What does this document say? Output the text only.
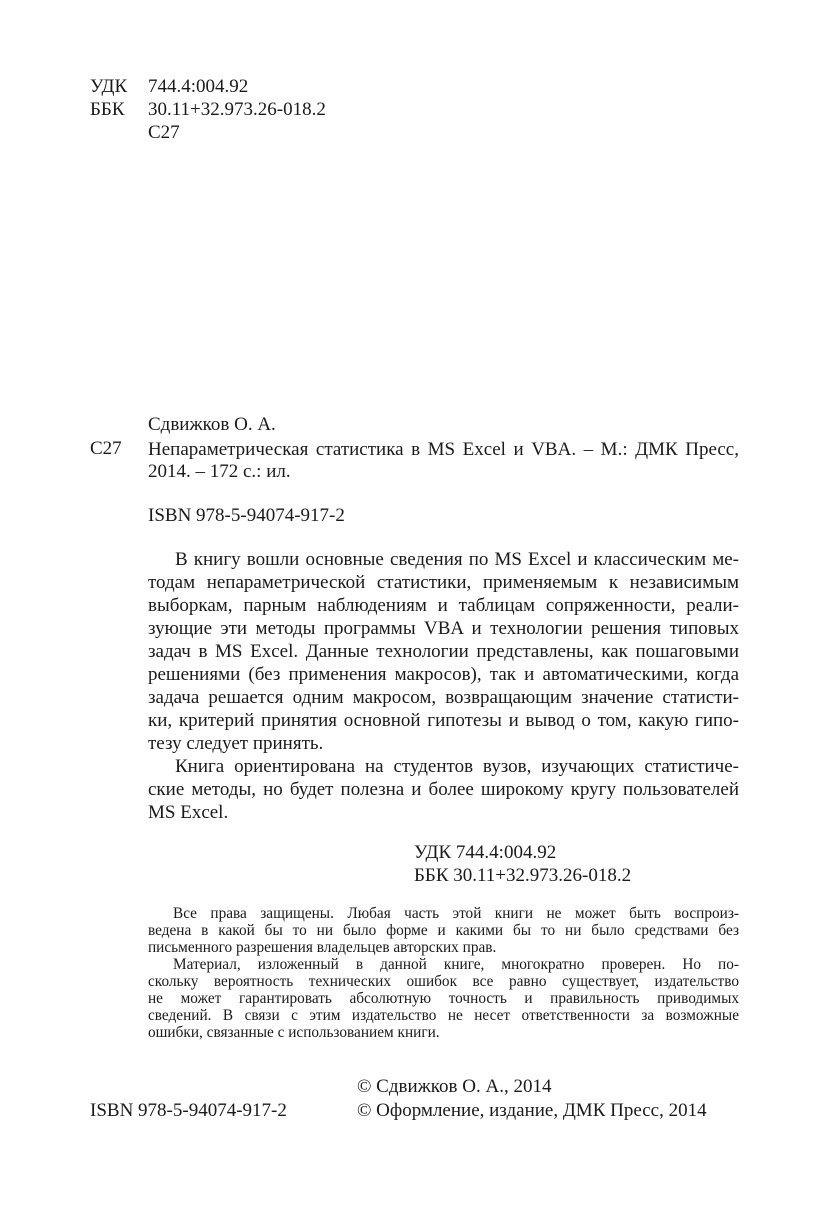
УДК 744.4:004.92
ББК 30.11+32.973.26-018.2
С27
Сдвижков О. А.
С27 Непараметрическая статистика в MS Excel и VBA. – М.: ДМК Пресс,
2014. – 172 с.: ил.
ISBN 978-5-94074-917-2
В книгу вошли основные сведения по MS Excel и классическим ме-
тодам непараметрической статистики, применяемым к независимым
выборкам, парным наблюдениям и таблицам сопряженности, реали-
зующие эти методы программы VBA и технологии решения типовых
задач в MS Excel. Данные технологии представлены, как пошаговыми
решениями (без применения макросов), так и автоматическими, когда
задача решается одним макросом, возвращающим значение статисти-
ки, критерий принятия основной гипотезы и вывод о том, какую гипо-
тезу следует принять.
Книга ориентирована на студентов вузов, изучающих статистиче-
ские методы, но будет полезна и более широкому кругу пользователей
MS Excel.
УДК 744.4:004.92
ББК 30.11+32.973.26-018.2
Все права защищены. Любая часть этой книги не может быть воспроиз-
ведена в какой бы то ни было форме и какими бы то ни было средствами без
письменного разрешения владельцев авторских прав.
Материал, изложенный в данной книге, многократно проверен. Но по-
скольку вероятность технических ошибок все равно существует, издательство
не может гарантировать абсолютную точность и правильность приводимых
сведений. В связи с этим издательство не несет ответственности за возможные
ошибки, связанные с использованием книги.
© Сдвижков О. А., 2014
ISBN 978-5-94074-917-2	© Оформление, издание, ДМК Пресс, 2014
